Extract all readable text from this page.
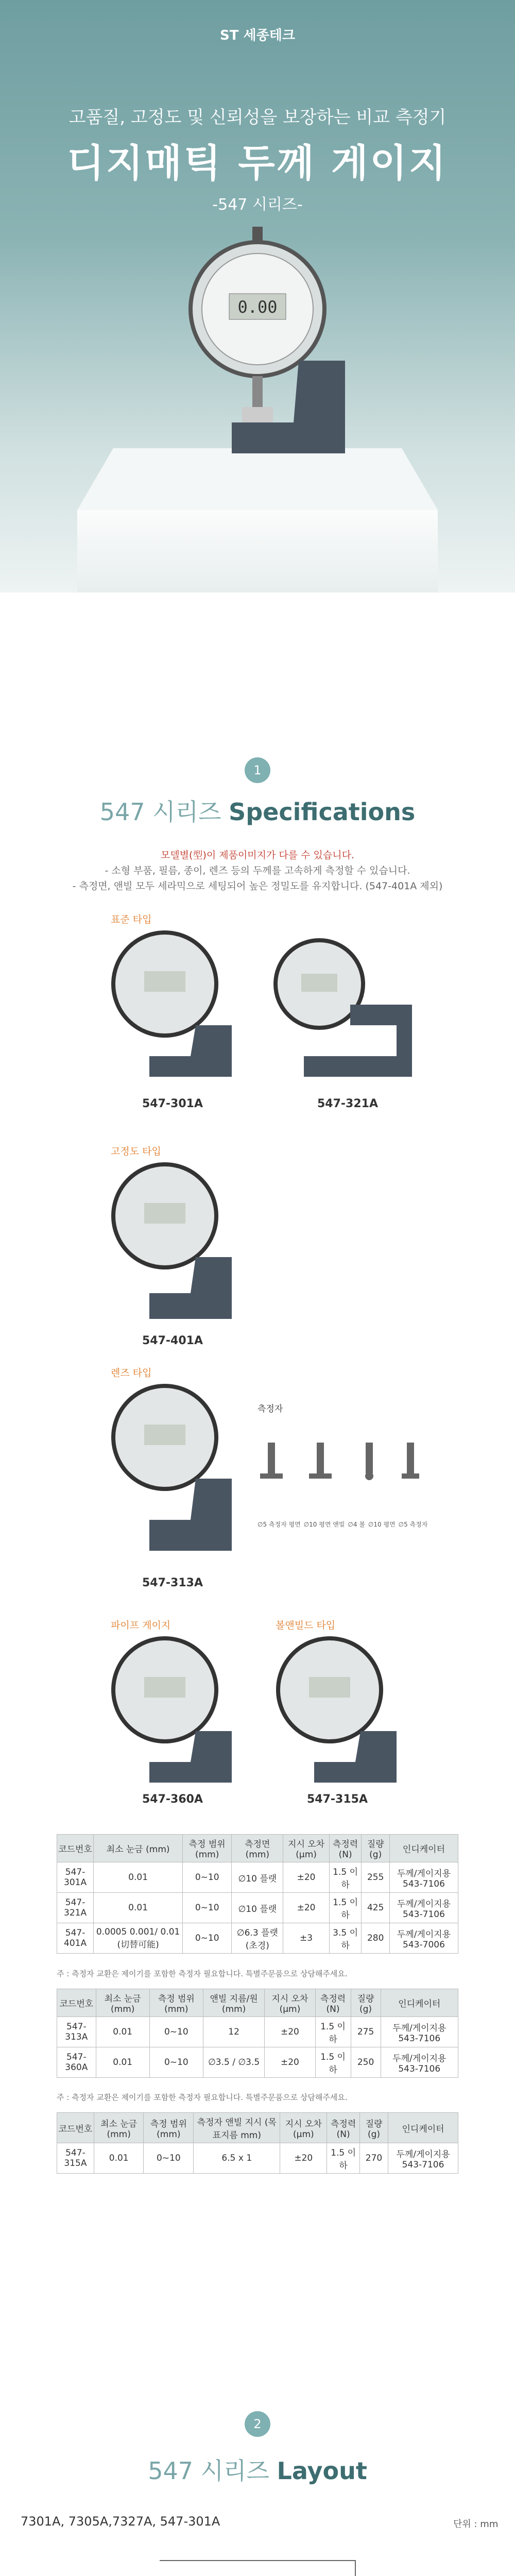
ST 세종테크
고품질, 고정도 및 신뢰성을 보장하는 비교 측정기
디지매틱 두께 게이지
-547 시리즈-
0.00
1
547 시리즈 Specifications
모델별(型)이 제품이미지가 다를 수 있습니다.
- 소형 부품, 필름, 종이, 렌즈 등의 두께를 고속하게 측정할 수 있습니다.
- 측정면, 앤빌 모두 세라믹으로 세팅되어 높은 정밀도를 유지합니다. (547-401A 제외)
표준 타입
고정도 타입
렌즈 타입
파이프 게이지	볼앤빌드 타입
547-301A	547-321A
547-401A
547-313A
측정자
∅5 측정자 평면 ∅10 평면 앤빌 ∅4 볼 ∅10 평면 ∅5 측정자
547-360A	547-315A
코드번호	최소 눈금 (mm)	측정 범위 (mm)	측정면 (mm)	지시 오차 (μm)	측정력 (N)	질량 (g)	인디케이터
547-301A	0.01	0~10	∅10 플랫	±20	1.5 이하	255	두께/게이지용 543-7106
547-321A	0.01	0~10	∅10 플랫	±20	1.5 이하	425	두께/게이지용 543-7106
547-401A	0.0005 0.001/ 0.01 (切替可能)	0~10	∅6.3 플랫 (초경)	±3	3.5 이하	280	두께/게이지용 543-7006
주 : 측정자 교환은 제이기를 포함한 측정자 필요합니다. 특별주문품으로 상담해주세요.
코드번호	최소 눈금 (mm)	측정 범위 (mm)	앤빌 지름/원 (mm)	지시 오차 (μm)	측정력 (N)	질량 (g)	인디케이터
547-313A	0.01	0~10	12	±20	1.5 이하	275	두께/게이지용 543-7106
547-360A	0.01	0~10	∅3.5 / ∅3.5	±20	1.5 이하	250	두께/게이지용 543-7106
주 : 측정자 교환은 제이기를 포함한 측정자 필요합니다. 특별주문품으로 상담해주세요.
코드번호	최소 눈금 (mm)	측정 범위 (mm)	측정자 앤빌 지시 (목표지름 mm)	지시 오차 (μm)	측정력 (N)	질량 (g)	인디케이터
547-315A	0.01	0~10	6.5 x 1	±20	1.5 이하	270	두께/게이지용 543-7106
2
547 시리즈 Layout
단위 : mm
7301A, 7305A,7327A, 547-301A
